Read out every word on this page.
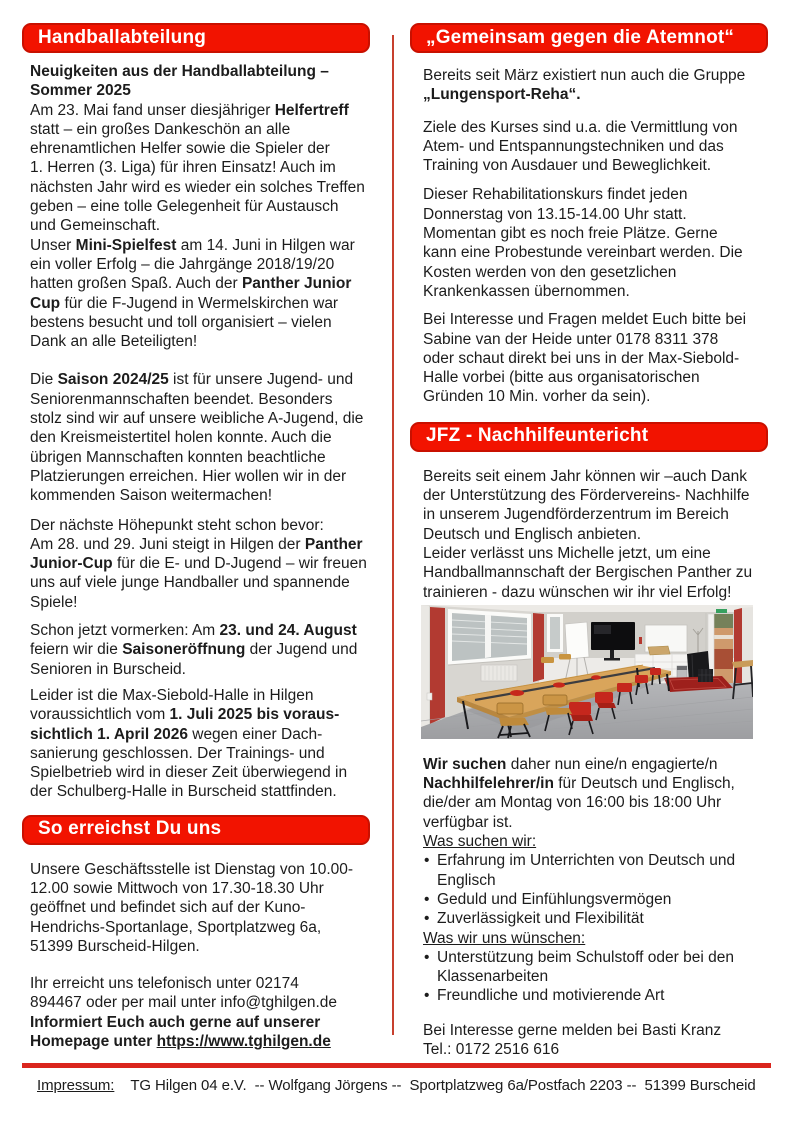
Handballabteilung
Neuigkeiten aus der Handballabteilung –
Sommer 2025
Am 23. Mai fand unser diesjähriger Helfertreff
statt – ein großes Dankeschön an alle
ehrenamtlichen Helfer sowie die Spieler der
1. Herren (3. Liga) für ihren Einsatz! Auch im
nächsten Jahr wird es wieder ein solches Treffen
geben – eine tolle Gelegenheit für Austausch
und Gemeinschaft.
Unser Mini-Spielfest am 14. Juni in Hilgen war
ein voller Erfolg – die Jahrgänge 2018/19/20
hatten großen Spaß. Auch der Panther Junior
Cup für die F-Jugend in Wermelskirchen war
bestens besucht und toll organisiert – vielen
Dank an alle Beteiligten!
Die Saison 2024/25 ist für unsere Jugend- und
Seniorenmannschaften beendet. Besonders
stolz sind wir auf unsere weibliche A-Jugend, die
den Kreismeistertitel holen konnte. Auch die
übrigen Mannschaften konnten beachtliche
Platzierungen erreichen. Hier wollen wir in der
kommenden Saison weitermachen!
Der nächste Höhepunkt steht schon bevor:
Am 28. und 29. Juni steigt in Hilgen der Panther
Junior-Cup für die E- und D-Jugend – wir freuen
uns auf viele junge Handballer und spannende
Spiele!
Schon jetzt vormerken: Am 23. und 24. August
feiern wir die Saisoneröffnung der Jugend und
Senioren in Burscheid.
Leider ist die Max-Siebold-Halle in Hilgen
voraussichtlich vom 1. Juli 2025 bis voraus-
sichtlich 1. April 2026 wegen einer Dach-
sanierung geschlossen. Der Trainings- und
Spielbetrieb wird in dieser Zeit überwiegend in
der Schulberg-Halle in Burscheid stattfinden.
So erreichst Du uns
Unsere Geschäftsstelle ist Dienstag von 10.00-
12.00 sowie Mittwoch von 17.30-18.30 Uhr
geöffnet und befindet sich auf der Kuno-
Hendrichs-Sportanlage, Sportplatzweg 6a,
51399 Burscheid-Hilgen.
Ihr erreicht uns telefonisch unter 02174
894467 oder per mail unter info@tghilgen.de
Informiert Euch auch gerne auf unserer
Homepage unter https://www.tghilgen.de
„Gemeinsam gegen die Atemnot“
Bereits seit März existiert nun auch die Gruppe
„Lungensport-Reha“.
Ziele des Kurses sind u.a. die Vermittlung von
Atem- und Entspannungstechniken und das
Training von Ausdauer und Beweglichkeit.
Dieser Rehabilitationskurs findet jeden
Donnerstag von 13.15-14.00 Uhr statt.
Momentan gibt es noch freie Plätze. Gerne
kann eine Probestunde vereinbart werden. Die
Kosten werden von den gesetzlichen
Krankenkassen übernommen.
Bei Interesse und Fragen meldet Euch bitte bei
Sabine van der Heide unter 0178 8311 378
oder schaut direkt bei uns in der Max-Siebold-
Halle vorbei (bitte aus organisatorischen
Gründen 10 Min. vorher da sein).
JFZ - Nachhilfeuntericht
Bereits seit einem Jahr können wir –auch Dank
der Unterstützung des Fördervereins- Nachhilfe
in unserem Jugendförderzentrum im Bereich
Deutsch und Englisch anbieten.
Leider verlässt uns Michelle jetzt, um eine
Handballmannschaft der Bergischen Panther zu
trainieren - dazu wünschen wir ihr viel Erfolg!
Wir suchen daher nun eine/n engagierte/n
Nachhilfelehrer/in für Deutsch und Englisch,
die/der am Montag von 16:00 bis 18:00 Uhr
verfügbar ist.
Was suchen wir:
• Erfahrung im Unterrichten von Deutsch und
Englisch
• Geduld und Einfühlungsvermögen
• Zuverlässigkeit und Flexibilität
Was wir uns wünschen:
• Unterstützung beim Schulstoff oder bei den
Klassenarbeiten
• Freundliche und motivierende Art
Bei Interesse gerne melden bei Basti Kranz
Tel.: 0172 2516 616
Impressum: TG Hilgen 04 e.V.  -- Wolfgang Jörgens --  Sportplatzweg 6a/Postfach 2203 --  51399 Burscheid
